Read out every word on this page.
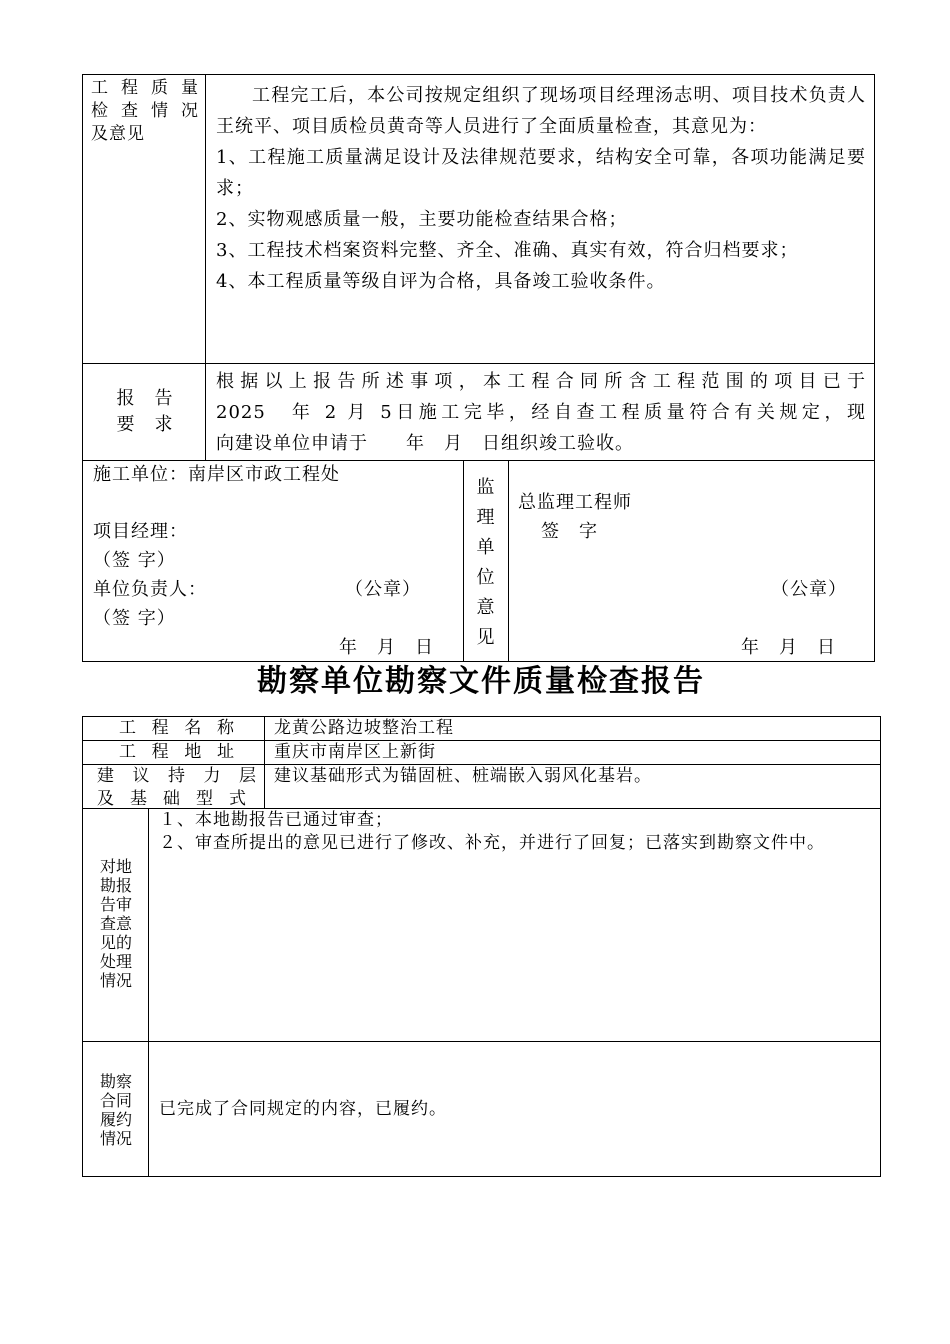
工程质量
检查情况
及意见

工程完工后，本公司按规定组织了现场项目经理汤志明、项目技术负责人王统平、项目质检员黄奇等人员进行了全面质量检查，其意见为：

1、工程施工质量满足设计及法律规范要求，结构安全可靠，各项功能满足要求；

2、实物观感质量一般，主要功能检查结果合格；

3、工程技术档案资料完整、齐全、准确、真实有效，符合归档要求；

4、本工程质量等级自评为合格，具备竣工验收条件。

报　告
要　求
根据以上报告所述事项，本工程合同所含工程范围的项目已于
2025　年 2 月 5日施工完毕，经自查工程质量符合有关规定，现
向建设单位申请于　　年　月　日组织竣工验收。
施工单位：南岸区市政工程处
项目经理：
（签 字）
单位负责人：	（公章）
（签 字）
年　月　日
监
理
单
位
意
见
总监理工程师
签　字
（公章）
年　月　日
勘察单位勘察文件质量检查报告
工程名称 龙黄公路边坡整治工程
工程地址 重庆市南岸区上新街
建议持力层
及基础型式
建议基础形式为锚固桩、桩端嵌入弱风化基岩。
对地
勘报
告审
查意
见的
处理
情况

１、本地勘报告已通过审查；

２、审查所提出的意见已进行了修改、补充，并进行了回复；已落实到勘察文件中。

勘察
合同
履约
情况
已完成了合同规定的内容，已履约。
